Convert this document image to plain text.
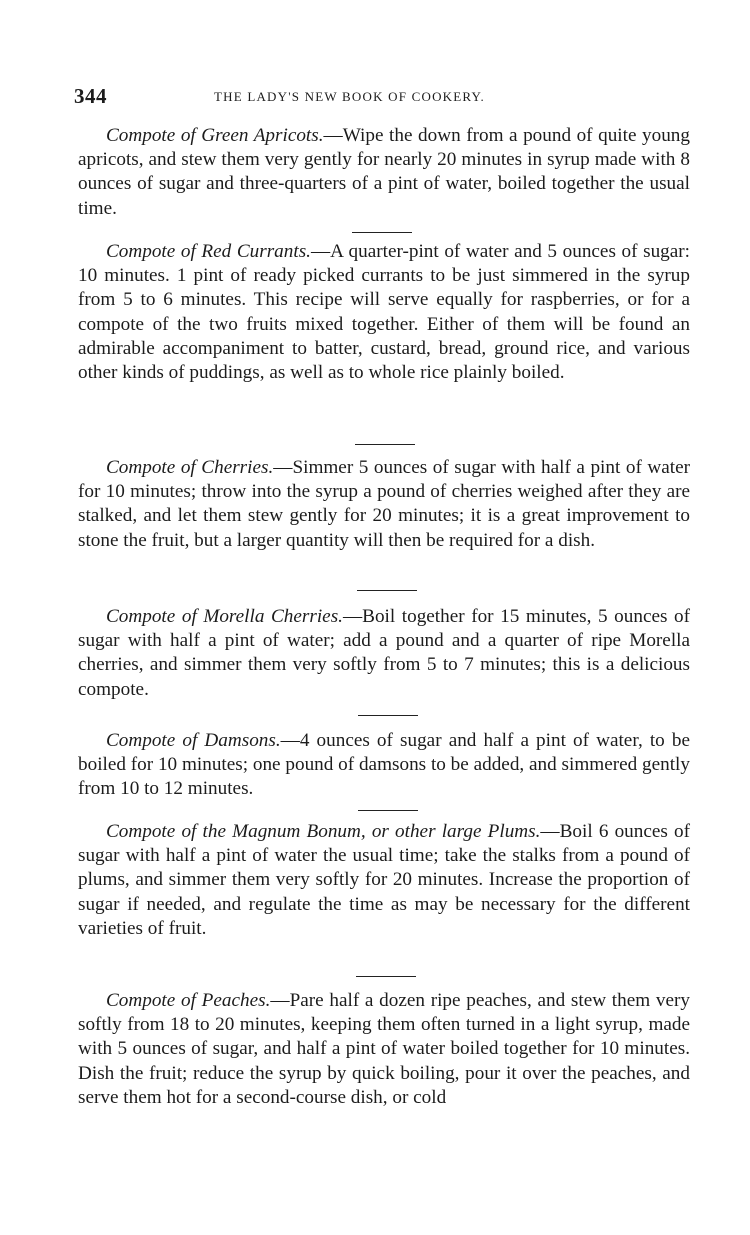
344	THE LADY'S NEW BOOK OF COOKERY.

Compote of Green Apricots.—Wipe the down from a pound of quite young apricots, and stew them very gently for nearly 20 minutes in syrup made with 8 ounces of sugar and three-quarters of a pint of water, boiled together the usual time.

Compote of Red Currants.—A quarter-pint of water and 5 ounces of sugar: 10 minutes. 1 pint of ready picked currants to be just simmered in the syrup from 5 to 6 minutes. This recipe will serve equally for raspberries, or for a compote of the two fruits mixed together. Either of them will be found an admirable accompaniment to batter, custard, bread, ground rice, and various other kinds of puddings, as well as to whole rice plainly boiled.

Compote of Cherries.—Simmer 5 ounces of sugar with half a pint of water for 10 minutes; throw into the syrup a pound of cherries weighed after they are stalked, and let them stew gently for 20 minutes; it is a great improvement to stone the fruit, but a larger quantity will then be required for a dish.

Compote of Morella Cherries.—Boil together for 15 minutes, 5 ounces of sugar with half a pint of water; add a pound and a quarter of ripe Morella cherries, and simmer them very softly from 5 to 7 minutes; this is a delicious compote.

Compote of Damsons.—4 ounces of sugar and half a pint of water, to be boiled for 10 minutes; one pound of damsons to be added, and simmered gently from 10 to 12 minutes.

Compote of the Magnum Bonum, or other large Plums.—Boil 6 ounces of sugar with half a pint of water the usual time; take the stalks from a pound of plums, and simmer them very softly for 20 minutes. Increase the proportion of sugar if needed, and regulate the time as may be necessary for the different varieties of fruit.

Compote of Peaches.—Pare half a dozen ripe peaches, and stew them very softly from 18 to 20 minutes, keeping them often turned in a light syrup, made with 5 ounces of sugar, and half a pint of water boiled together for 10 minutes. Dish the fruit; reduce the syrup by quick boiling, pour it over the peaches, and serve them hot for a second-course dish, or cold
